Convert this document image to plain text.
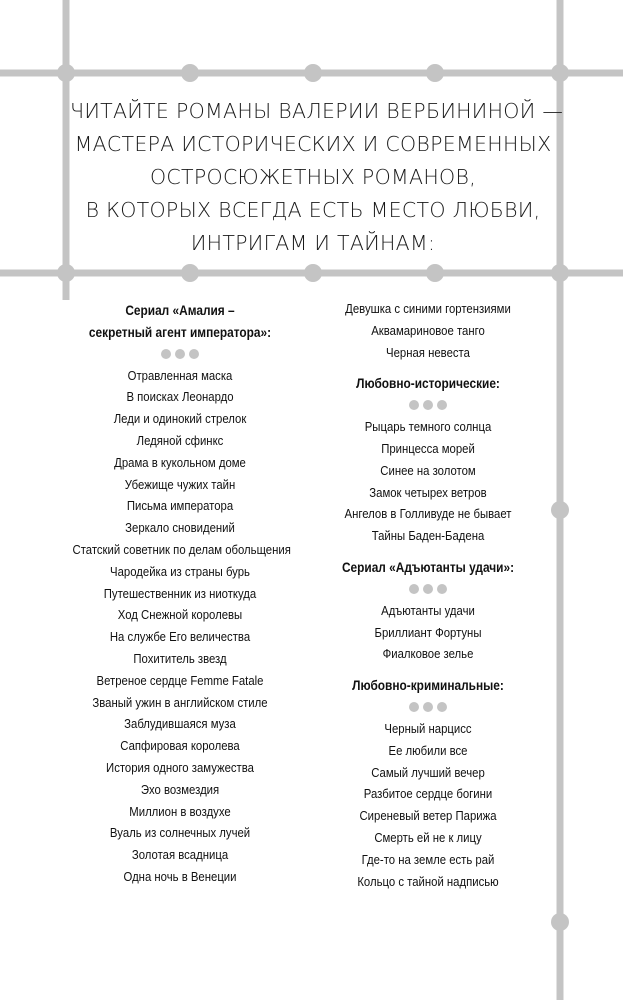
ЧИТАЙТЕ РОМАНЫ ВАЛЕРИИ ВЕРБИНИНОЙ —
МАСТЕРА ИСТОРИЧЕСКИХ И СОВРЕМЕННЫХ
ОСТРОСЮЖЕТНЫХ РОМАНОВ,
В КОТОРЫХ ВСЕГДА ЕСТЬ МЕСТО ЛЮБВИ,
ИНТРИГАМ И ТАЙНАМ:
Сериал «Амалия –
секретный агент императора»:
Отравленная маска
В поисках Леонардо
Леди и одинокий стрелок
Ледяной сфинкс
Драма в кукольном доме
Убежище чужих тайн
Письма императора
Зеркало сновидений
Статский советник по делам обольщения
Чародейка из страны бурь
Путешественник из ниоткуда
Ход Снежной королевы
На службе Его величества
Похититель звезд
Ветреное сердце Femme Fatale
Званый ужин в английском стиле
Заблудившаяся муза
Сапфировая королева
История одного замужества
Эхо возмездия
Миллион в воздухе
Вуаль из солнечных лучей
Золотая всадница
Одна ночь в Венеции
Девушка с синими гортензиями
Аквамариновое танго
Черная невеста
Любовно-исторические:
Рыцарь темного солнца
Принцесса морей
Синее на золотом
Замок четырех ветров
Ангелов в Голливуде не бывает
Тайны Баден-Бадена
Сериал «Адъютанты удачи»:
Адъютанты удачи
Бриллиант Фортуны
Фиалковое зелье
Любовно-криминальные:
Черный нарцисс
Ее любили все
Самый лучший вечер
Разбитое сердце богини
Сиреневый ветер Парижа
Смерть ей не к лицу
Где-то на земле есть рай
Кольцо с тайной надписью
